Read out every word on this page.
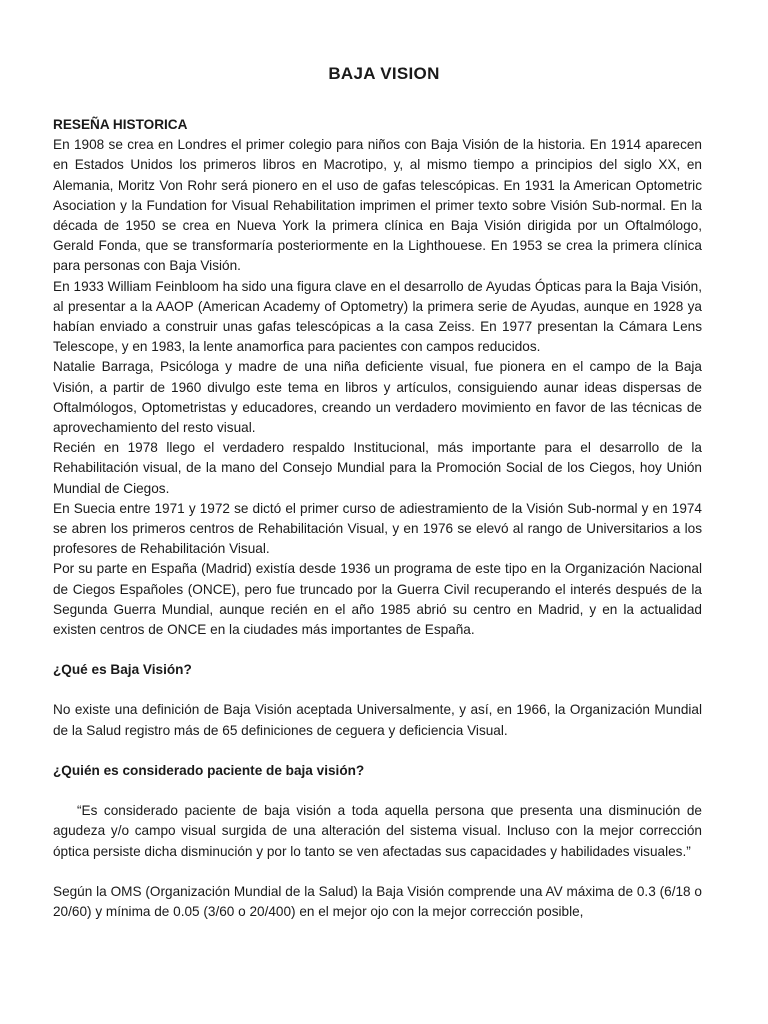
BAJA VISION
RESEÑA HISTORICA

En 1908 se crea en Londres el primer colegio para niños con Baja Visión de la historia. En 1914 aparecen en Estados Unidos los primeros libros en Macrotipo, y, al mismo tiempo a principios del siglo XX, en Alemania, Moritz Von Rohr será pionero en el uso de gafas telescópicas. En 1931 la American Optometric Asociation y la Fundation for Visual Rehabilitation imprimen el primer texto sobre Visión Sub-normal. En la década de 1950 se crea en Nueva York la primera clínica en Baja Visión dirigida por un Oftalmólogo, Gerald Fonda, que se transformaría posteriormente en la Lighthouese. En 1953 se crea la primera clínica para personas con Baja Visión.

En 1933 William Feinbloom ha sido una figura clave en el desarrollo de Ayudas Ópticas para la Baja Visión, al presentar a la AAOP (American Academy of Optometry) la primera serie de Ayudas, aunque en 1928 ya habían enviado a construir unas gafas telescópicas a la casa Zeiss. En 1977 presentan la Cámara Lens Telescope, y en 1983, la lente anamorfica para pacientes con campos reducidos.

Natalie Barraga, Psicóloga y madre de una niña deficiente visual, fue pionera en el campo de la Baja Visión, a partir de 1960 divulgo este tema en libros y artículos, consiguiendo aunar ideas dispersas de Oftalmólogos, Optometristas y educadores, creando un verdadero movimiento en favor de las técnicas de aprovechamiento del resto visual.

Recién en 1978 llego el verdadero respaldo Institucional, más importante para el desarrollo de la Rehabilitación visual, de la mano del Consejo Mundial para la Promoción Social de los Ciegos, hoy Unión Mundial de Ciegos.

En Suecia entre 1971 y 1972 se dictó el primer curso de adiestramiento de la Visión Sub-normal y en 1974 se abren los primeros centros de Rehabilitación Visual, y en 1976 se elevó al rango de Universitarios a los profesores de Rehabilitación Visual.

Por su parte en España (Madrid) existía desde 1936 un programa de este tipo en la Organización Nacional de Ciegos Españoles (ONCE), pero fue truncado por la Guerra Civil recuperando el interés después de la Segunda Guerra Mundial, aunque recién en el año 1985 abrió su centro en Madrid, y en la actualidad existen centros de ONCE en la ciudades más importantes de España.

¿Qué es Baja Visión?

No existe una definición de Baja Visión aceptada Universalmente, y así, en 1966, la Organización Mundial de la Salud registro más de 65 definiciones de ceguera y deficiencia Visual.

¿Quién es considerado paciente de baja visión?

“Es considerado paciente de baja visión a toda aquella persona que presenta una disminución de agudeza y/o campo visual surgida de una alteración del sistema visual. Incluso con la mejor corrección óptica persiste dicha disminución y por lo tanto se ven afectadas sus capacidades y habilidades visuales.”

Según la OMS (Organización Mundial de la Salud) la Baja Visión comprende una AV máxima de 0.3 (6/18 o 20/60) y mínima de 0.05 (3/60 o 20/400) en el mejor ojo con la mejor corrección posible,
